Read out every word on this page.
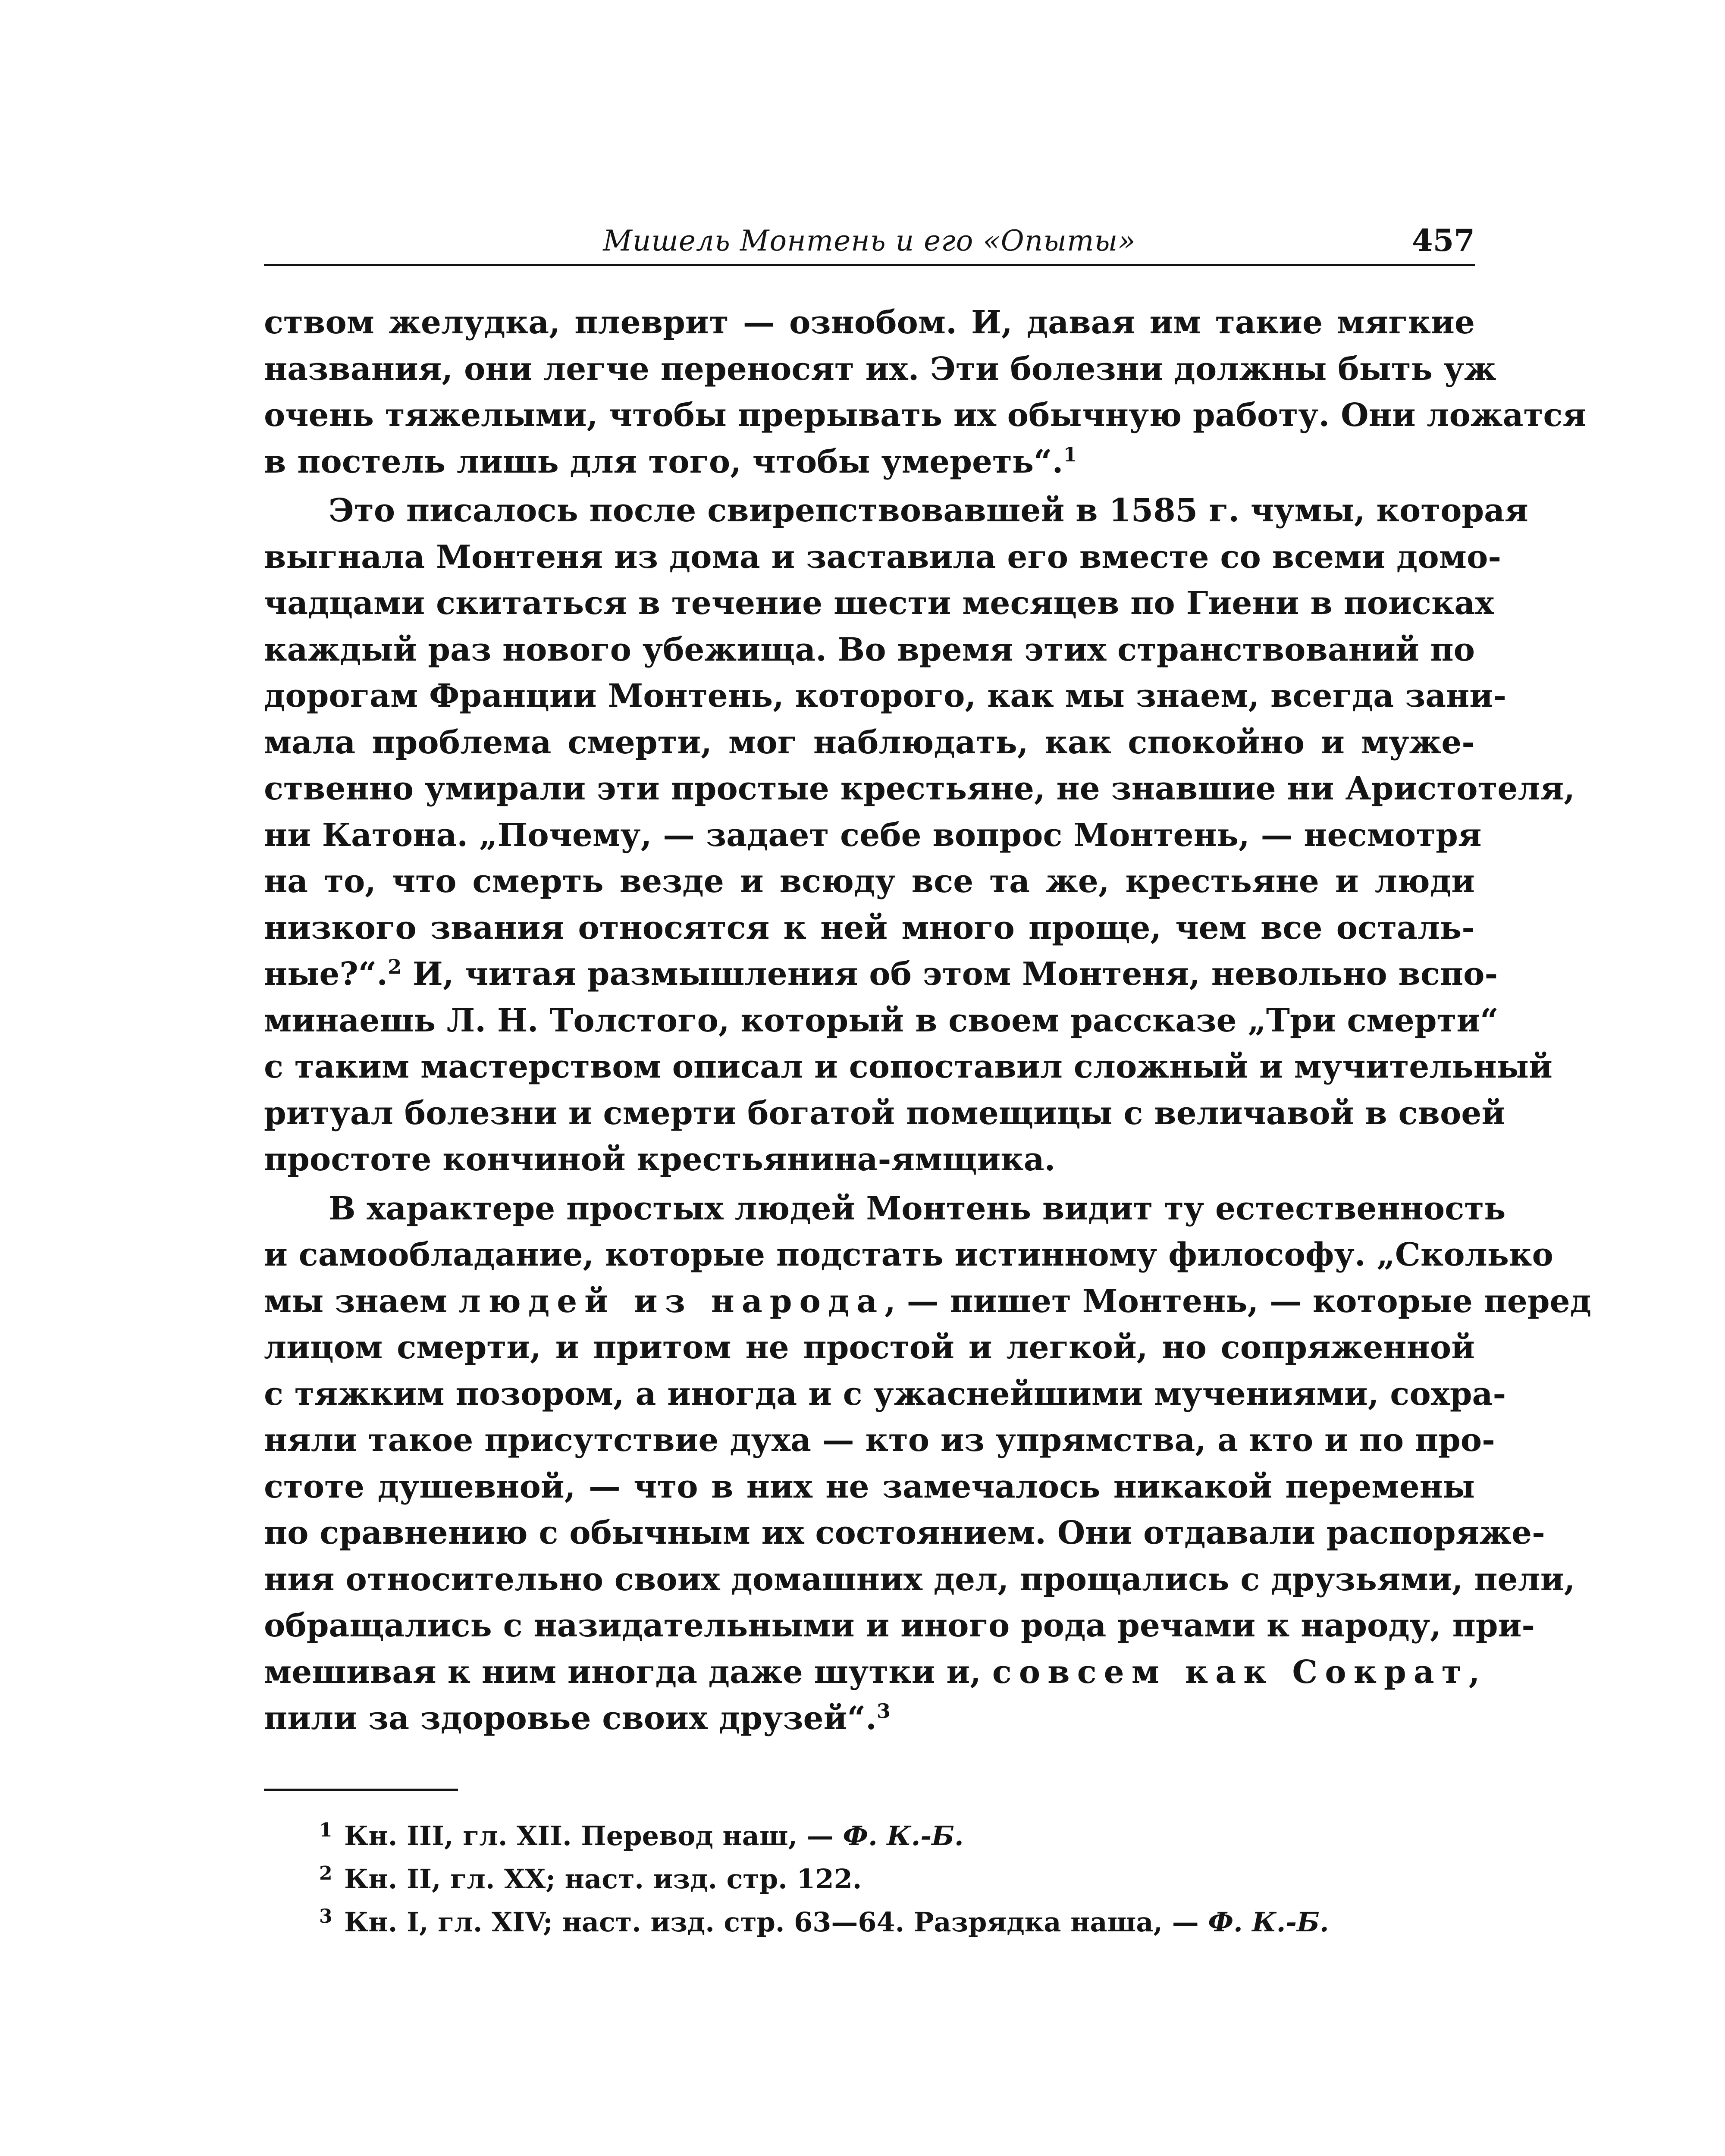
Мишель Монтень и его «Опыты»	457
ством желудка, плеврит — ознобом. И, давая им такие мягкие
названия, они легче переносят их. Эти болезни должны быть уж
очень тяжелыми, чтобы прерывать их обычную работу. Они ложатся
в постель лишь для того, чтобы умереть“.$^1$
Это писалось после свирепствовавшей в 1585 г. чумы, которая
выгнала Монтеня из дома и заставила его вместе со всеми домо-
чадцами скитаться в течение шести месяцев по Гиени в поисках
каждый раз нового убежища. Во время этих странствований по
дорогам Франции Монтень, которого, как мы знаем, всегда зани-
мала проблема смерти, мог наблюдать, как спокойно и муже-
ственно умирали эти простые крестьяне, не знавшие ни Аристотеля,
ни Катона. „Почему, — задает себе вопрос Монтень, — несмотря
на то, что смерть везде и всюду все та же, крестьяне и люди
низкого звания относятся к ней много проще, чем все осталь-
ные?“.$^2$ И, читая размышления об этом Монтеня, невольно вспо-
минаешь Л. Н. Толстого, который в своем рассказе „Три смерти“
с таким мастерством описал и сопоставил сложный и мучительный
ритуал болезни и смерти богатой помещицы с величавой в своей
простоте кончиной крестьянина-ямщика.
В характере простых людей Монтень видит ту естественность
и самообладание, которые подстать истинному философу. „Сколько
мы знаем людей из народа, — пишет Монтень, — которые перед
лицом смерти, и притом не простой и легкой, но сопряженной
с тяжким позором, а иногда и с ужаснейшими мучениями, сохра-
няли такое присутствие духа — кто из упрямства, а кто и по про-
стоте душевной, — что в них не замечалось никакой перемены
по сравнению с обычным их состоянием. Они отдавали распоряже-
ния относительно своих домашних дел, прощались с друзьями, пели,
обращались с назидательными и иного рода речами к народу, при-
мешивая к ним иногда даже шутки и, совсем как Сократ,
пили за здоровье своих друзей“.$^3$
1 Кн. III, гл. XII. Перевод наш, — Ф. К.-Б.
2 Кн. II, гл. XX; наст. изд. стр. 122.
3 Кн. I, гл. XIV; наст. изд. стр. 63—64. Разрядка наша, — Ф. К.-Б.
